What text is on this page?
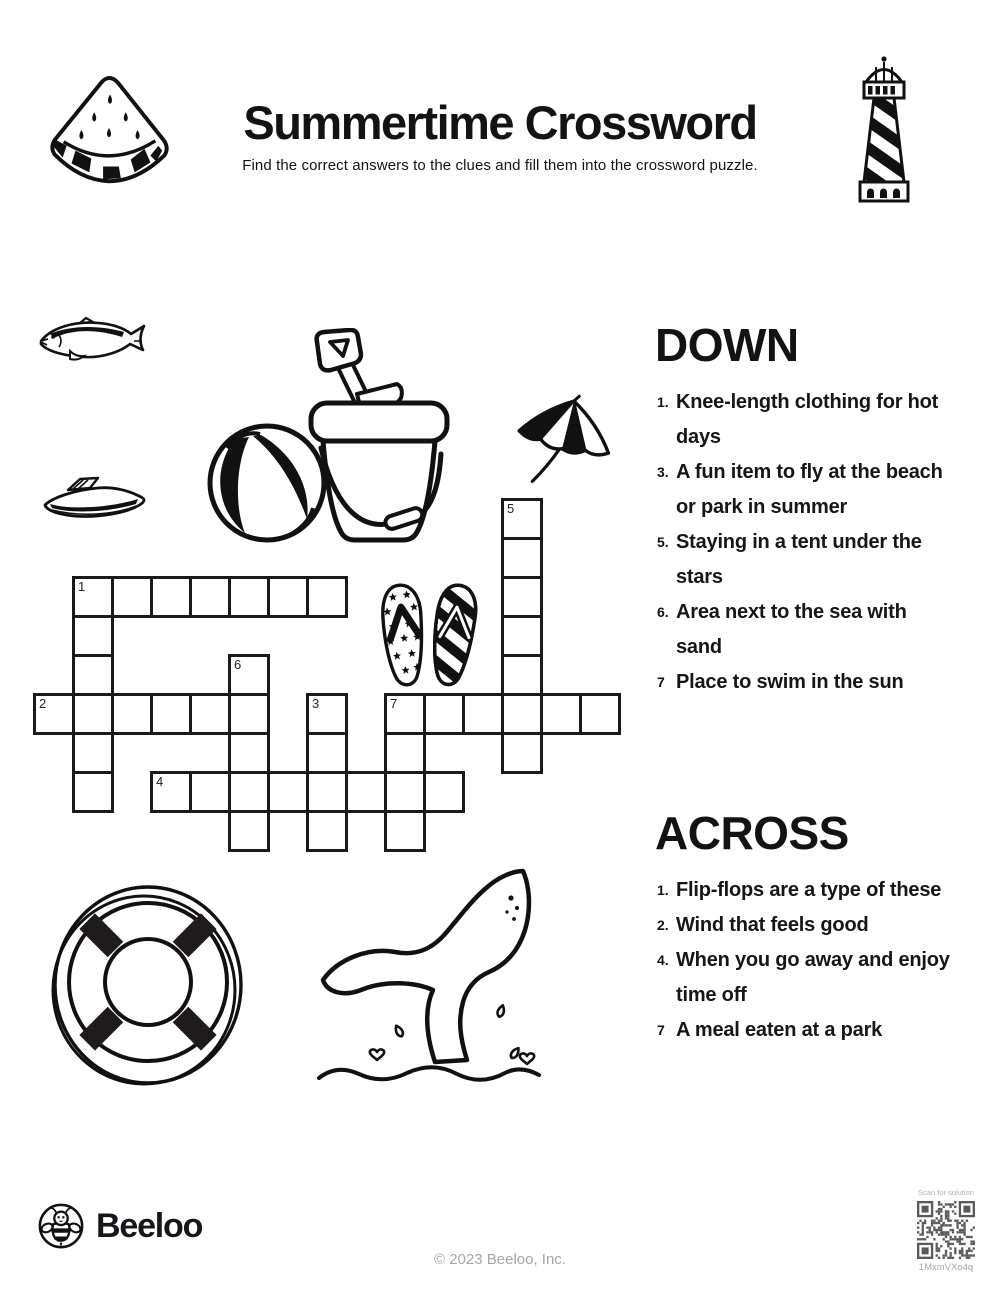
Summertime Crossword

Find the correct answers to the clues and fill them into the crossword puzzle.

5
1
6
2	3	7
4
DOWN
1. Knee-length clothing for hot days
3. A fun item to fly at the beach or park in summer
5. Staying in a tent under the stars
6. Area next to the sea with sand
7 Place to swim in the sun
ACROSS
1. Flip-flops are a type of these
2. Wind that feels good
4. When you go away and enjoy time off
7 A meal eaten at a park
Beeloo
© 2023 Beeloo, Inc.
Scan for solution
1MxmVXo4q
